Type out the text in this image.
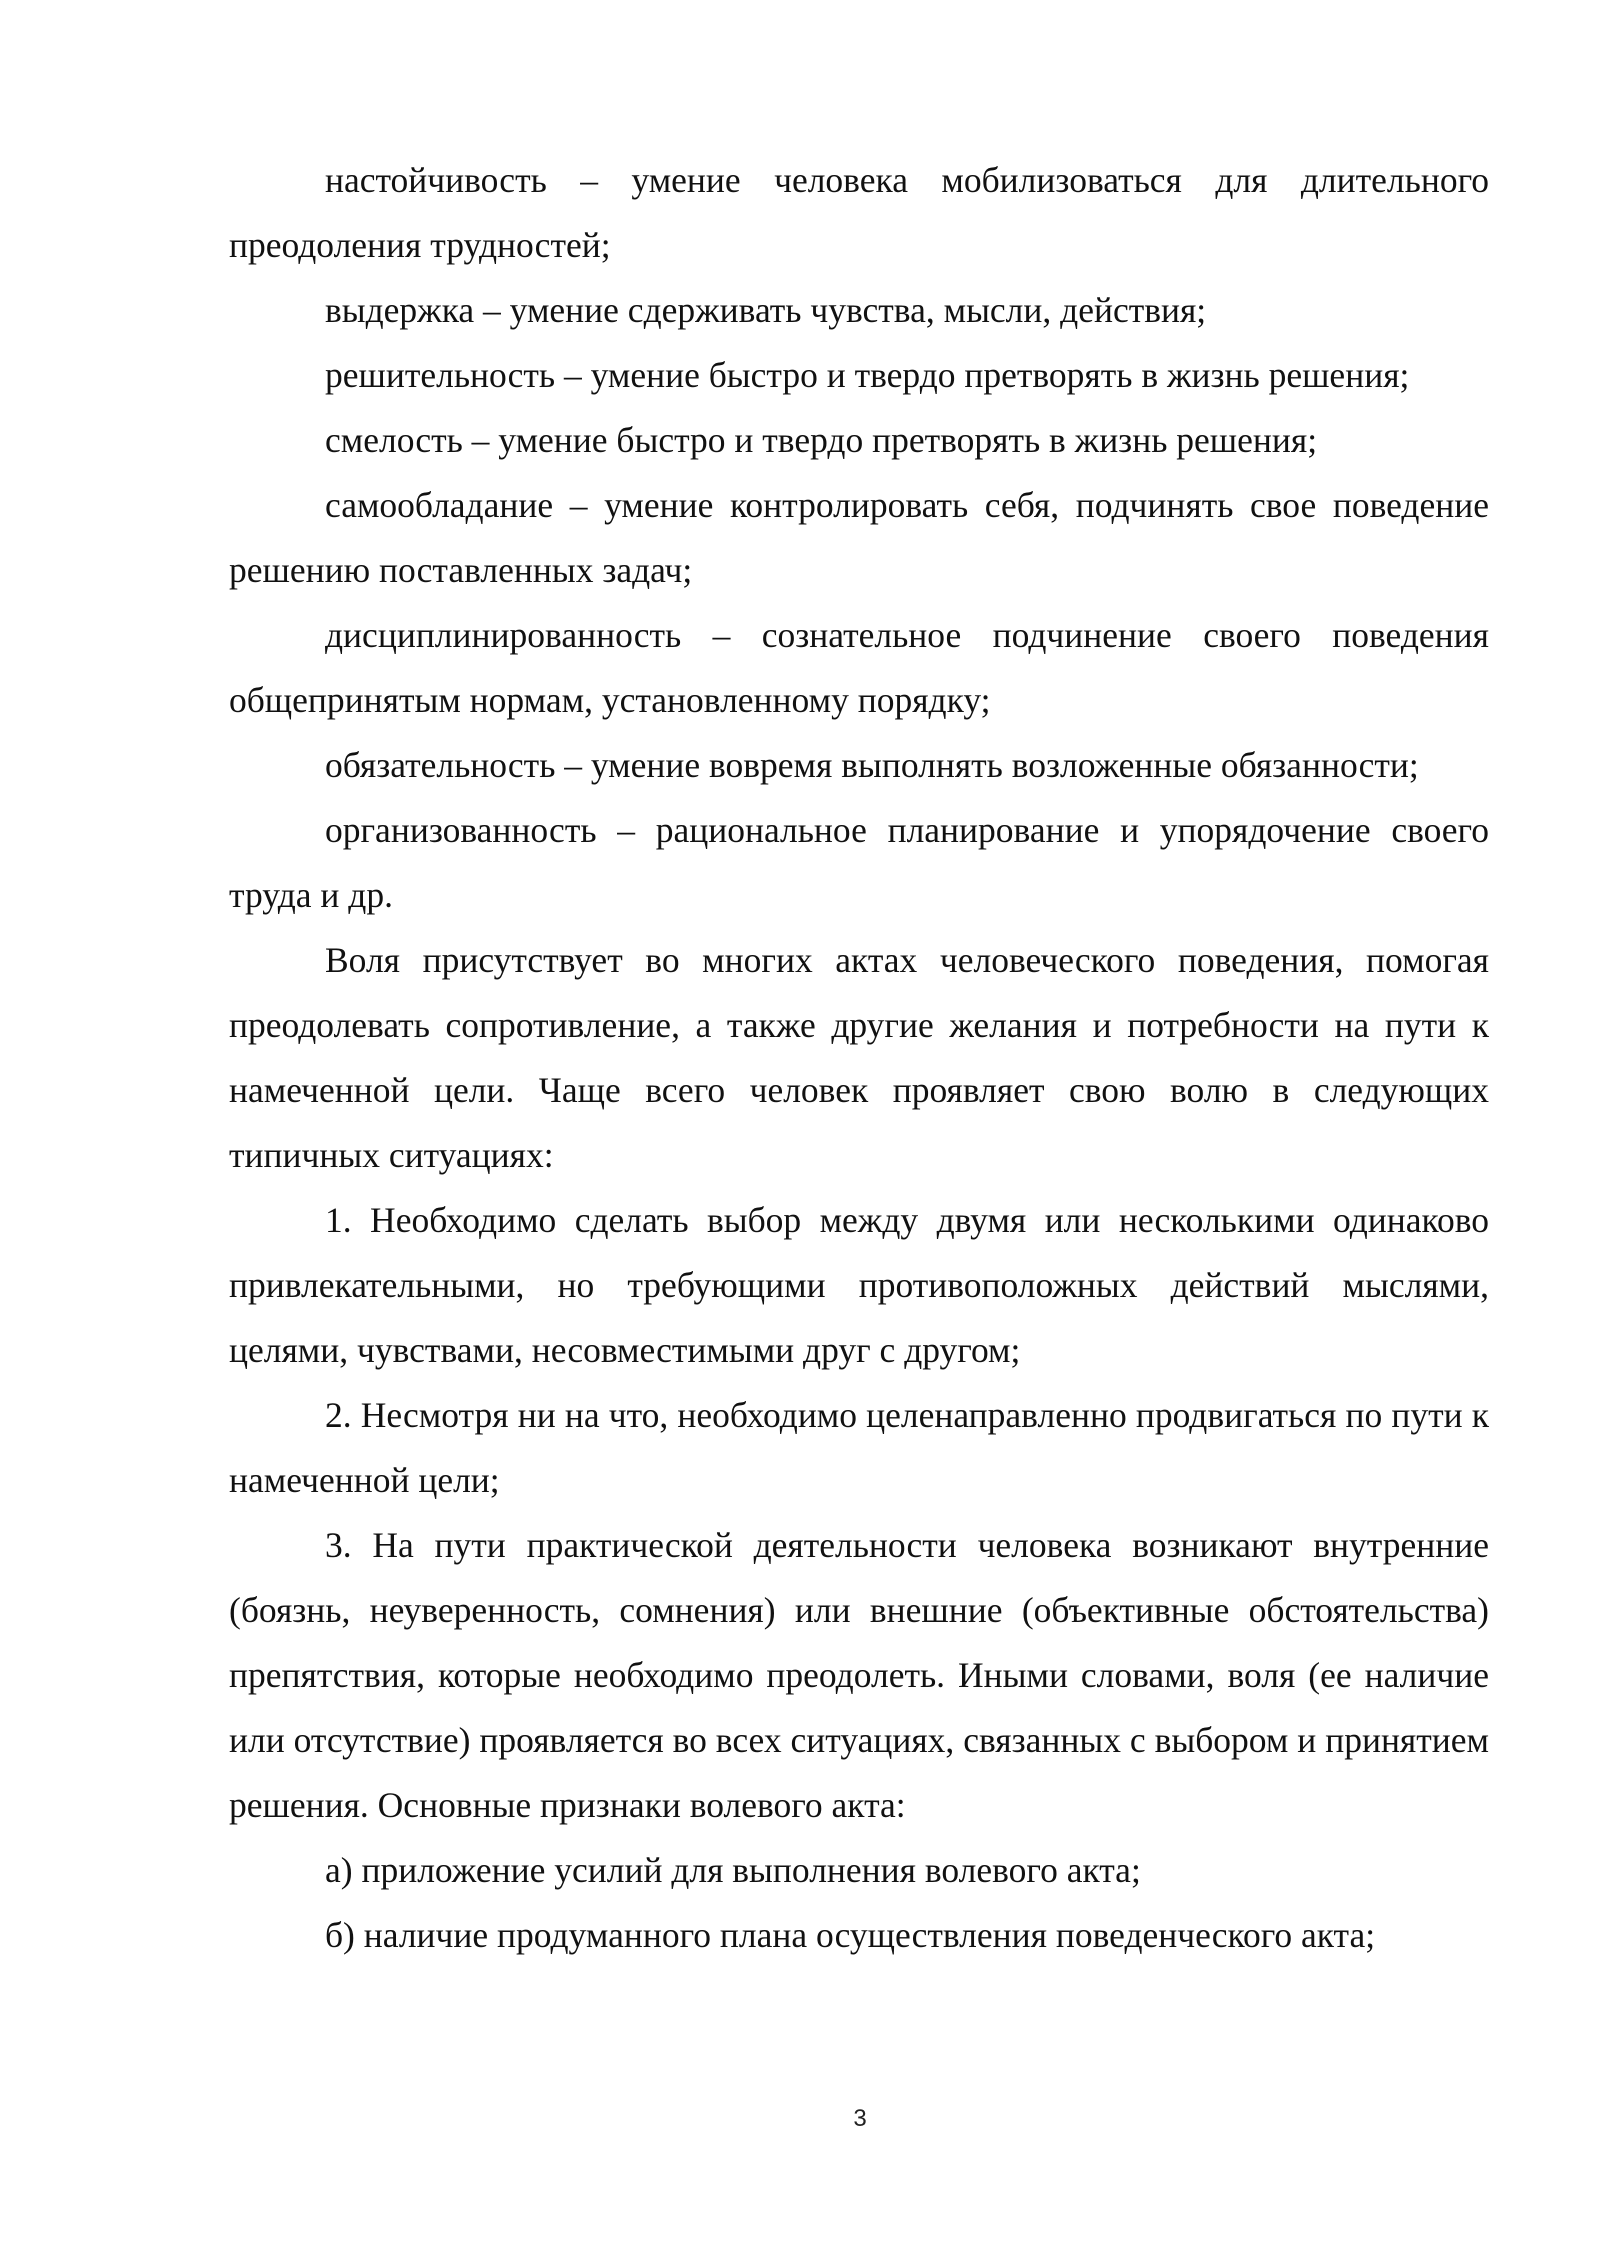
настойчивость – умение человека мобилизоваться для длительного преодоления трудностей;

выдержка – умение сдерживать чувства, мысли, действия;

решительность – умение быстро и твердо претворять в жизнь решения;

смелость – умение быстро и твердо претворять в жизнь решения;

самообладание – умение контролировать себя, подчинять свое поведение решению поставленных задач;

дисциплинированность – сознательное подчинение своего поведения общепринятым нормам, установленному порядку;

обязательность – умение вовремя выполнять возложенные обязанности;

организованность – рациональное планирование и упорядочение своего труда и др.

Воля присутствует во многих актах человеческого поведения, помогая преодолевать сопротивление, а также другие желания и потребности на пути к намеченной цели. Чаще всего человек проявляет свою волю в следующих типичных ситуациях:

1. Необходимо сделать выбор между двумя или несколькими одинаково привлекательными, но требующими противоположных действий мыслями, целями, чувствами, несовместимыми друг с другом;

2. Несмотря ни на что, необходимо целенаправленно продвигаться по пути к намеченной цели;

3. На пути практической деятельности человека возникают внутренние (боязнь, неуверенность, сомнения) или внешние (объективные обстоятельства) препятствия, которые необходимо преодолеть. Иными словами, воля (ее наличие или отсутствие) проявляется во всех ситуациях, связанных с выбором и принятием решения. Основные признаки волевого акта:

а) приложение усилий для выполнения волевого акта;

б) наличие продуманного плана осуществления поведенческого акта;

3
